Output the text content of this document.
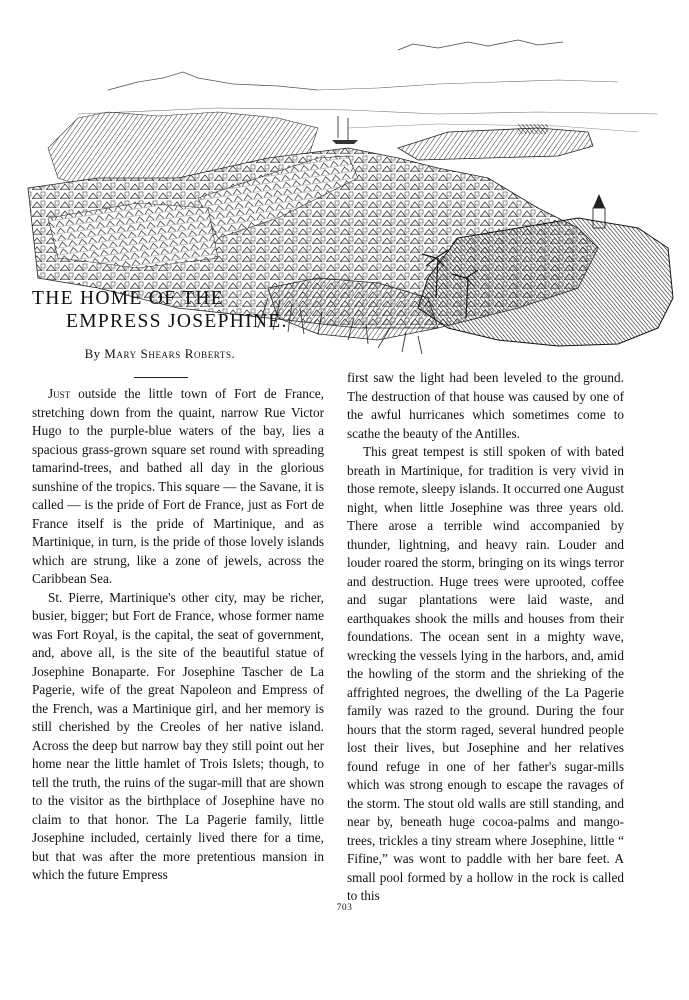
THE HOME OF THE
EMPRESS JOSEPHINE.
By Mary Shears Roberts.

Just outside the little town of Fort de France, stretching down from the quaint, narrow Rue Victor Hugo to the purple-blue waters of the bay, lies a spacious grass-grown square set round with spreading tamarind-trees, and bathed all day in the glorious sunshine of the tropics. This square — the Savane, it is called — is the pride of Fort de France, just as Fort de France itself is the pride of Martinique, and as Martinique, in turn, is the pride of those lovely islands which are strung, like a zone of jewels, across the Caribbean Sea.

St. Pierre, Martinique's other city, may be richer, busier, bigger; but Fort de France, whose former name was Fort Royal, is the capital, the seat of government, and, above all, is the site of the beautiful statue of Josephine Bonaparte. For Josephine Tascher de La Pagerie, wife of the great Napoleon and Empress of the French, was a Martinique girl, and her memory is still cherished by the Creoles of her native island. Across the deep but narrow bay they still point out her home near the little hamlet of Trois Islets; though, to tell the truth, the ruins of the sugar-mill that are shown to the visitor as the birthplace of Josephine have no claim to that honor. The La Pagerie family, little Josephine included, certainly lived there for a time, but that was after the more pretentious mansion in which the future Empress

first saw the light had been leveled to the ground. The destruction of that house was caused by one of the awful hurricanes which sometimes come to scathe the beauty of the Antilles.

This great tempest is still spoken of with bated breath in Martinique, for tradition is very vivid in those remote, sleepy islands. It occurred one August night, when little Josephine was three years old. There arose a terrible wind accompanied by thunder, lightning, and heavy rain. Louder and louder roared the storm, bringing on its wings terror and destruction. Huge trees were uprooted, coffee and sugar plantations were laid waste, and earthquakes shook the mills and houses from their foundations. The ocean sent in a mighty wave, wrecking the vessels lying in the harbors, and, amid the howling of the storm and the shrieking of the affrighted negroes, the dwelling of the La Pagerie family was razed to the ground. During the four hours that the storm raged, several hundred people lost their lives, but Josephine and her relatives found refuge in one of her father's sugar-mills which was strong enough to escape the ravages of the storm. The stout old walls are still standing, and near by, beneath huge cocoa-palms and mango-trees, trickles a tiny stream where Josephine, little “ Fifine,” was wont to paddle with her bare feet. A small pool formed by a hollow in the rock is called to this

703
